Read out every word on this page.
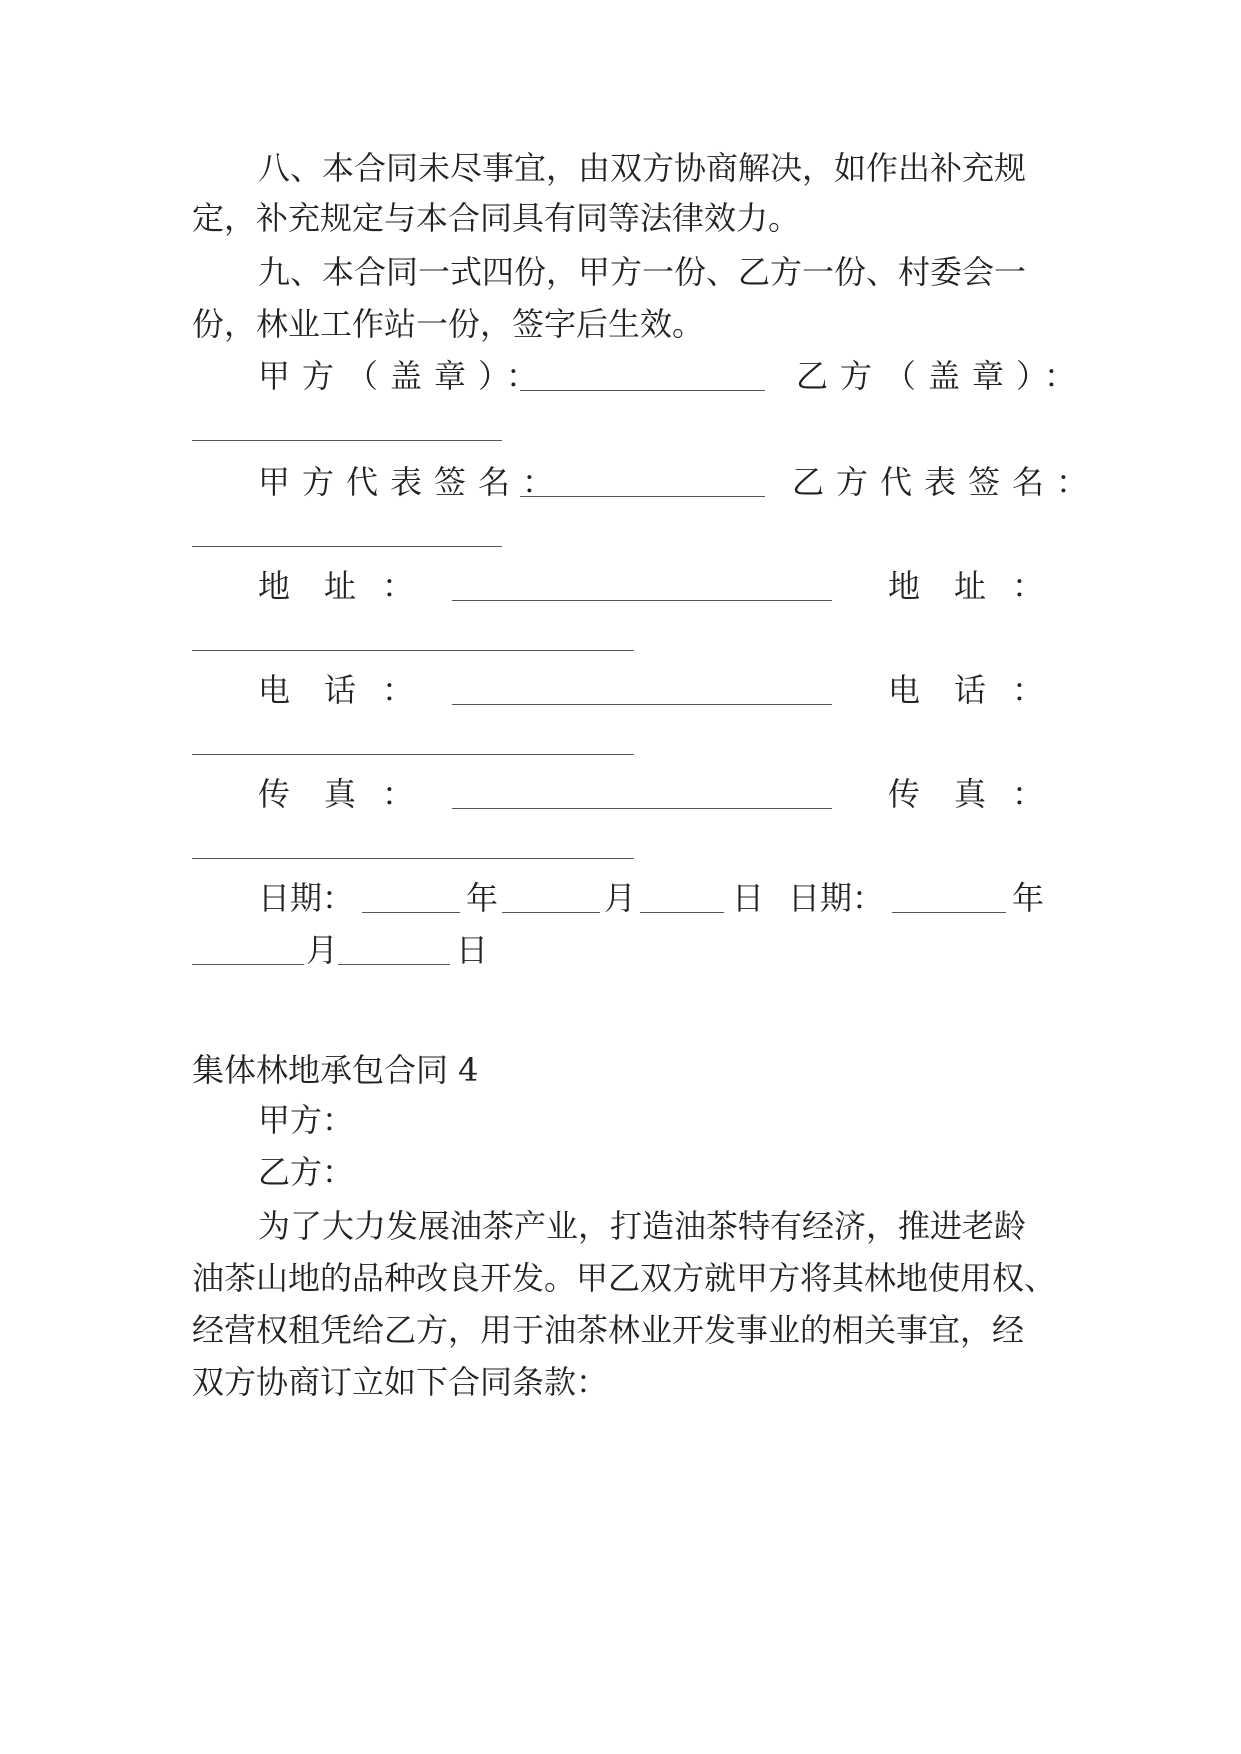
八、本合同未尽事宜，由双方协商解决，如作出补充规
定，补充规定与本合同具有同等法律效力。
九、本合同一式四份，甲方一份、乙方一份、村委会一
份，林业工作站一份，签字后生效。
甲方（盖章）：	乙方（盖章）：
甲方代表签名：	乙方代表签名：
地 址 ：	地 址 ：
电 话 ：	电 话 ：
传 真 ：	传 真 ：
日期：	年	月	日 日期：	年
月	日
集体林地承包合同 4
甲方：
乙方：
为了大力发展油茶产业，打造油茶特有经济，推进老龄
油茶山地的品种改良开发。甲乙双方就甲方将其林地使用权、
经营权租凭给乙方，用于油茶林业开发事业的相关事宜，经
双方协商订立如下合同条款：
